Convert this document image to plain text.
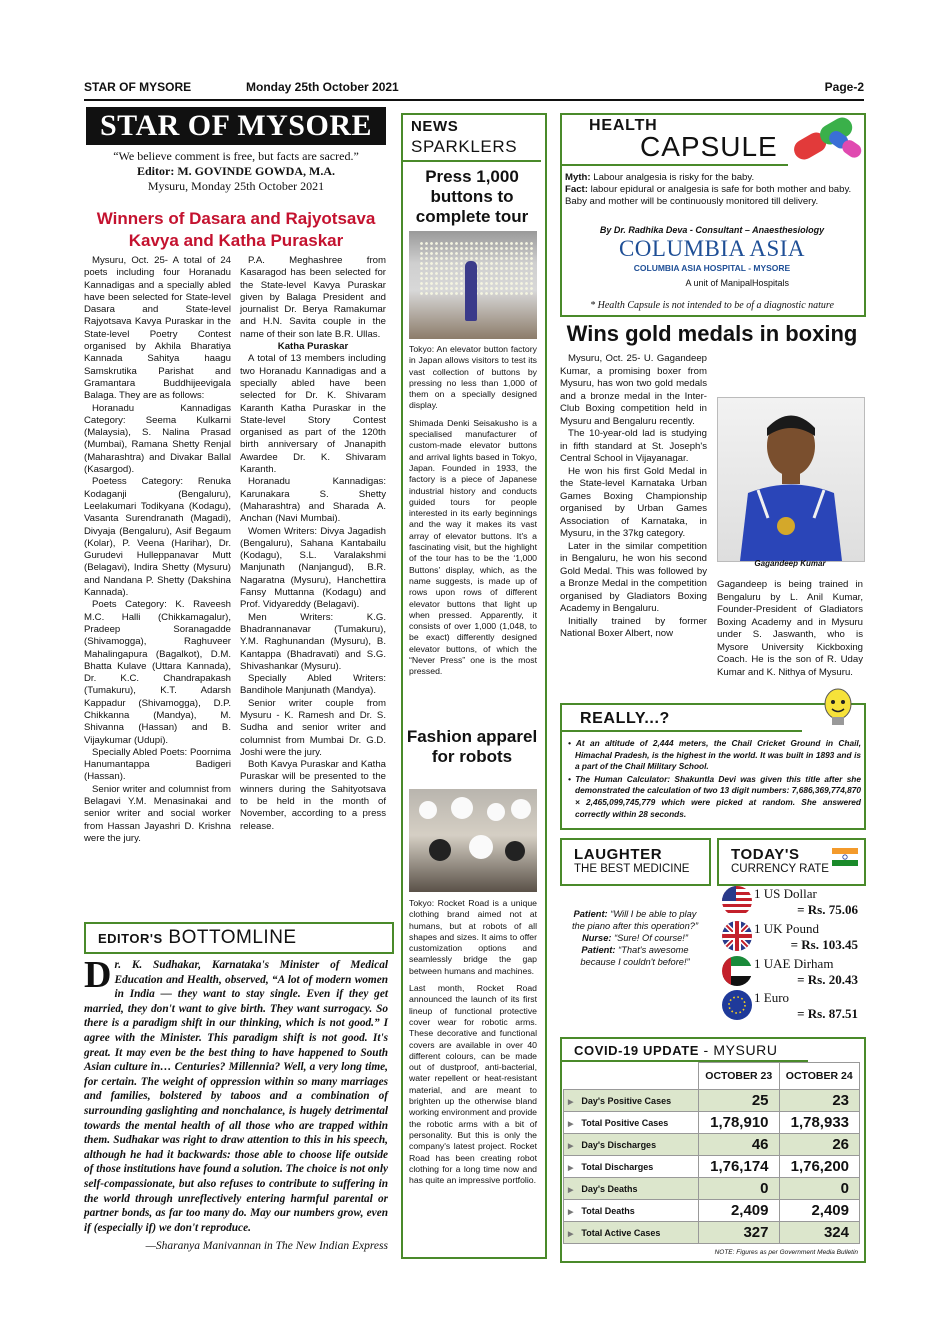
STAR OF MYSORE	Monday 25th October 2021	Page-2
STAR OF MYSORE
“We believe comment is free, but facts are sacred.”
Editor: M. GOVINDE GOWDA, M.A.
Mysuru, Monday 25th October 2021
Winners of Dasara and Rajyotsava Kavya and Katha Puraskar

Mysuru, Oct. 25- A total of 24 poets including four Horanadu Kannadigas and a specially abled have been selected for State-level Dasara and State-level Rajyotsava Kavya Puraskar in the State-level Poetry Contest organised by Akhila Bharatiya Kannada Sahitya haagu Samskrutika Parishat and Gramantara Buddhijeevigala Balaga. They are as follows:

Horanadu Kannadigas Category: Seema Kulkarni (Malaysia), S. Nalina Prasad (Mumbai), Ramana Shetty Renjal (Maharashtra) and Divakar Ballal (Kasargod).

Poetess Category: Renuka Kodaganji (Bengaluru), Leelakumari Todikyana (Kodagu), Vasanta Surendranath (Magadi), Divyaja (Bengaluru), Asif Begaum (Kolar), P. Veena (Harihar), Dr. Gurudevi Hulleppanavar Mutt (Belagavi), Indira Shetty (Mysuru) and Nandana P. Shetty (Dakshina Kannada).

Poets Category: K. Raveesh M.C. Halli (Chikkamagalur), Pradeep Soranagadde (Shivamogga), Raghuveer Mahalingapura (Bagalkot), D.M. Bhatta Kulave (Uttara Kannada), Dr. K.C. Chandrapakash (Tumakuru), K.T. Adarsh Kappadur (Shivamogga), D.P. Chikkanna (Mandya), M. Shivanna (Hassan) and B. Vijaykumar (Udupi).

Specially Abled Poets: Poornima Hanumantappa Badigeri (Hassan).

Senior writer and columnist from Belagavi Y.M. Menasinakai and senior writer and social worker from Hassan Jayashri D. Krishna were the jury.

P.A. Meghashree from Kasaragod has been selected for the State-level Kavya Puraskar given by Balaga President and journalist Dr. Berya Ramakumar and H.N. Savita couple in the name of their son late B.R. Ullas.

Katha Puraskar

A total of 13 members including two Horanadu Kannadigas and a specially abled have been selected for Dr. K. Shivaram Karanth Katha Puraskar in the State-level Story Contest organised as part of the 120th birth anniversary of Jnanapith Awardee Dr. K. Shivaram Karanth.

Horanadu Kannadigas: Karunakara S. Shetty (Maharashtra) and Sharada A. Anchan (Navi Mumbai).

Women Writers: Divya Jagadish (Bengaluru), Sahana Kantabailu (Kodagu), S.L. Varalakshmi Manjunath (Nanjangud), B.R. Nagaratna (Mysuru), Hanchettira Fansy Muttanna (Kodagu) and Prof. Vidyareddy (Belagavi).

Men Writers: K.G. Bhadrannanavar (Tumakuru), Y.M. Raghunandan (Mysuru), B. Kantappa (Bhadravati) and S.G. Shivashankar (Mysuru).

Specially Abled Writers: Bandihole Manjunath (Mandya).

Senior writer couple from Mysuru - K. Ramesh and Dr. S. Sudha and senior writer and columnist from Mumbai Dr. G.D. Joshi were the jury.

Both Kavya Puraskar and Katha Puraskar will be presented to the winners during the Sahityotsava to be held in the month of November, according to a press release.

EDITOR'S BOTTOMLINE
Dr. K. Sudhakar, Karnataka's Minister of Medical Education and Health, observed, “A lot of modern women in India — they want to stay single. Even if they get married, they don't want to give birth. They want surrogacy. So there is a paradigm shift in our thinking, which is not good.” I agree with the Minister. This paradigm shift is not good. It's great. It may even be the best thing to have happened to South Asian culture in… Centuries? Millennia? Well, a very long time, for certain. The weight of oppression within so many marriages and families, bolstered by taboos and a combination of surrounding gaslighting and nonchalance, is hugely detrimental towards the mental health of all those who are trapped within them. Sudhakar was right to draw attention to this in his speech, although he had it backwards: those able to choose life outside of those institutions have found a solution. The choice is not only self-compassionate, but also refuses to contribute to suffering in the world through unreflectively entering harmful parental or partner bonds, as far too many do. May our numbers grow, even if (especially if) we don't reproduce.
—Sharanya Manivannan in The New Indian Express
NEWS
SPARKLERS
Press 1,000 buttons to complete tour

Tokyo: An elevator button factory in Japan allows visitors to test its vast collection of buttons by pressing no less than 1,000 of them on a specially designed display.

Shimada Denki Seisakusho is a specialised manufacturer of custom-made elevator buttons and arrival lights based in Tokyo, Japan. Founded in 1933, the factory is a piece of Japanese industrial history and conducts guided tours for people interested in its early beginnings and the way it makes its vast array of elevator buttons. It's a fascinating visit, but the highlight of the tour has to be the ‘1,000 Buttons’ display, which, as the name suggests, is made up of rows upon rows of different elevator buttons that light up when pressed. Apparently, it consists of over 1,000 (1,048, to be exact) differently designed elevator buttons, of which the “Never Press” one is the most pressed.

Fashion apparel for robots

Tokyo: Rocket Road is a unique clothing brand aimed not at humans, but at robots of all shapes and sizes. It aims to offer customization options and seamlessly bridge the gap between humans and machines.

Last month, Rocket Road announced the launch of its first lineup of functional protective cover wear for robotic arms. These decorative and functional covers are available in over 40 different colours, can be made out of dustproof, anti-bacterial, water repellent or heat-resistant material, and are meant to brighten up the otherwise bland working environment and provide the robotic arms with a bit of personality. But this is only the company's latest project. Rocket Road has been creating robot clothing for a long time now and has quite an impressive portfolio.

HEALTH
CAPSULE
Myth: Labour analgesia is risky for the baby.
Fact: labour epidural or analgesia is safe for both mother and baby. Baby and mother will be continuously monitored till delivery.
By Dr. Radhika Deva - Consultant – Anaesthesiology
COLUMBIA ASIA
COLUMBIA ASIA HOSPITAL - MYSORE
A unit of ManipalHospitals
* Health Capsule is not intended to be of a diagnostic nature
Wins gold medals in boxing

Mysuru, Oct. 25- U. Gagandeep Kumar, a promising boxer from Mysuru, has won two gold medals and a bronze medal in the Inter-Club Boxing competition held in Mysuru and Bengaluru recently.

The 10-year-old lad is studying in fifth standard at St. Joseph's Central School in Vijayanagar.

He won his first Gold Medal in the State-level Karnataka Urban Games Boxing Championship organised by Urban Games Association of Karnataka, in Mysuru, in the 37kg category.

Later in the similar competition in Bengaluru, he won his second Gold Medal. This was followed by a Bronze Medal in the competition organised by Gladiators Boxing Academy in Bengaluru.

Initially trained by former National Boxer Albert, now

Gagandeep Kumar

Gagandeep is being trained in Bengaluru by L. Anil Kumar, Founder-President of Gladiators Boxing Academy and in Mysuru under S. Jaswanth, who is Mysore University Kickboxing Coach. He is the son of R. Uday Kumar and K. Nithya of Mysuru.

REALLY...?
• At an altitude of 2,444 meters, the Chail Cricket Ground in Chail, Himachal Pradesh, is the highest in the world. It was built in 1893 and is a part of the Chail Military School.
• The Human Calculator: Shakuntla Devi was given this title after she demonstrated the calculation of two 13 digit numbers: 7,686,369,774,870 × 2,465,099,745,779 which were picked at random. She answered correctly within 28 seconds.
LAUGHTER
THE BEST MEDICINE
Patient: “Will I be able to play the piano after this operation?”
Nurse: “Sure! Of course!”
Patient: “That's awesome because I couldn't before!”
TODAY'S
CURRENCY RATE
1 US Dollar
= Rs. 75.06
1 UK Pound
= Rs. 103.45
1 UAE Dirham
= Rs. 20.43
1 Euro
= Rs. 87.51
COVID-19 UPDATE - MYSURU
	OCTOBER 23	OCTOBER 24
▶ Day's Positive Cases	25	23
▶ Total Positive Cases	1,78,910	1,78,933
▶ Day's Discharges	46	26
▶ Total Discharges	1,76,174	1,76,200
▶ Day's Deaths	0	0
▶ Total Deaths	2,409	2,409
▶ Total Active Cases	327	324
NOTE: Figures as per Government Media Bulletin
